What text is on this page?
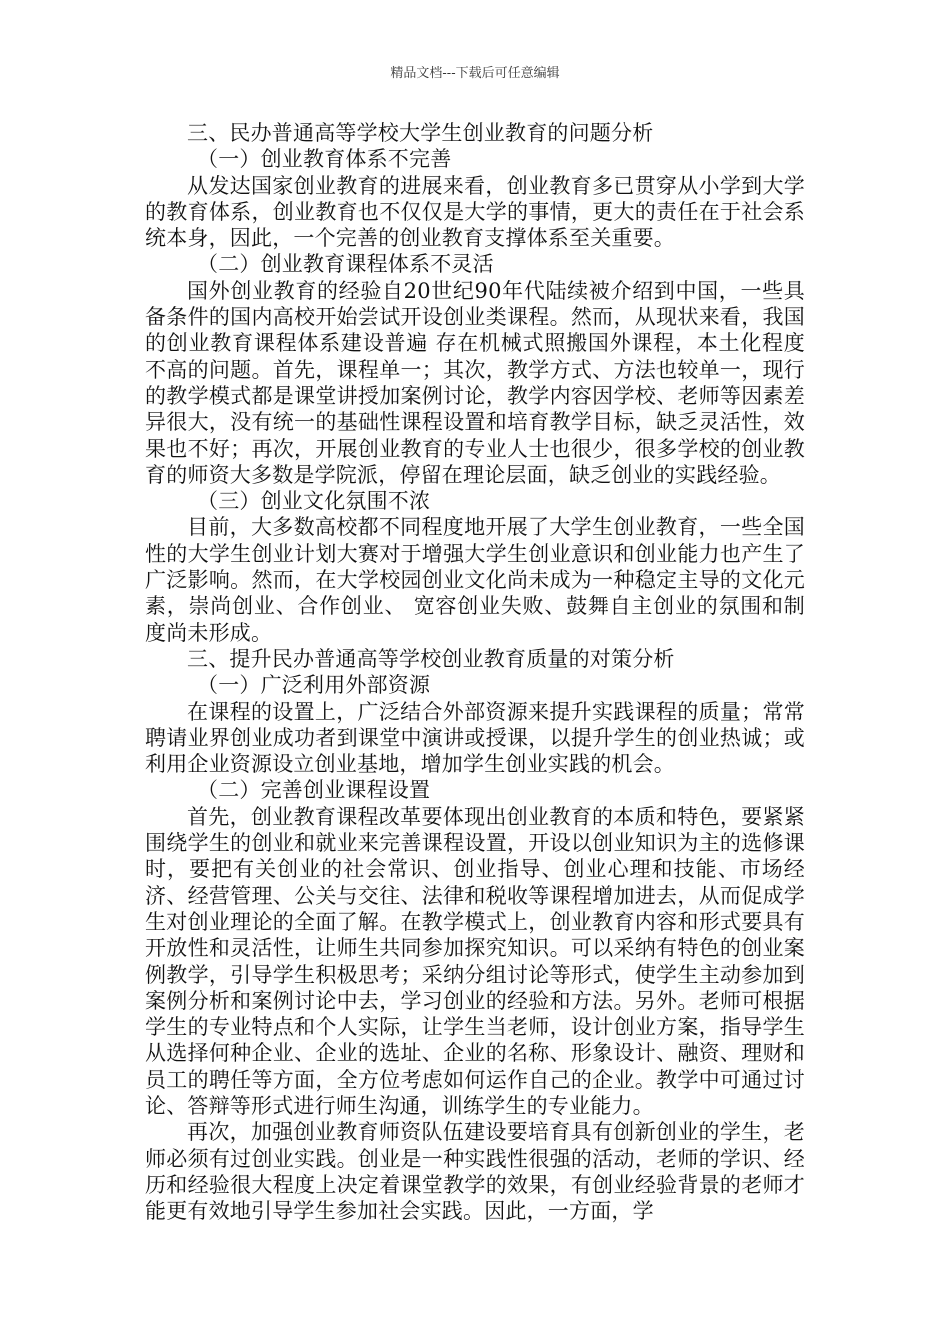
精品文档---下载后可任意编辑

三、民办普通高等学校大学生创业教育的问题分析

（一）创业教育体系不完善

从发达国家创业教育的进展来看，创业教育多已贯穿从小学到大学的教育体系，创业教育也不仅仅是大学的事情，更大的责任在于社会系统本身，因此，一个完善的创业教育支撑体系至关重要。

（二）创业教育课程体系不灵活

国外创业教育的经验自20世纪90年代陆续被介绍到中国，一些具备条件的国内高校开始尝试开设创业类课程。然而，从现状来看，我国的创业教育课程体系建设普遍 存在机械式照搬国外课程，本土化程度不高的问题。首先，课程单一；其次，教学方式、方法也较单一，现行的教学模式都是课堂讲授加案例讨论，教学内容因学校、老师等因素差异很大，没有统一的基础性课程设置和培育教学目标，缺乏灵活性，效果也不好；再次，开展创业教育的专业人士也很少，很多学校的创业教育的师资大多数是学院派，停留在理论层面，缺乏创业的实践经验。

（三）创业文化氛围不浓

目前，大多数高校都不同程度地开展了大学生创业教育，一些全国性的大学生创业计划大赛对于增强大学生创业意识和创业能力也产生了广泛影响。然而，在大学校园创业文化尚未成为一种稳定主导的文化元素，崇尚创业、合作创业、 宽容创业失败、鼓舞自主创业的氛围和制度尚未形成。

三、提升民办普通高等学校创业教育质量的对策分析

（一）广泛利用外部资源

在课程的设置上，广泛结合外部资源来提升实践课程的质量；常常聘请业界创业成功者到课堂中演讲或授课，以提升学生的创业热诚；或利用企业资源设立创业基地，增加学生创业实践的机会。

（二）完善创业课程设置

首先，创业教育课程改革要体现出创业教育的本质和特色，要紧紧围绕学生的创业和就业来完善课程设置，开设以创业知识为主的选修课时，要把有关创业的社会常识、创业指导、创业心理和技能、市场经济、经营管理、公关与交往、法律和税收等课程增加进去，从而促成学生对创业理论的全面了解。在教学模式上，创业教育内容和形式要具有开放性和灵活性，让师生共同参加探究知识。可以采纳有特色的创业案例教学，引导学生积极思考；采纳分组讨论等形式，使学生主动参加到案例分析和案例讨论中去，学习创业的经验和方法。另外。老师可根据学生的专业特点和个人实际，让学生当老师，设计创业方案，指导学生从选择何种企业、企业的选址、企业的名称、形象设计、融资、理财和员工的聘任等方面，全方位考虑如何运作自己的企业。教学中可通过讨论、答辩等形式进行师生沟通，训练学生的专业能力。

再次，加强创业教育师资队伍建设要培育具有创新创业的学生，老师必须有过创业实践。创业是一种实践性很强的活动，老师的学识、经历和经验很大程度上决定着课堂教学的效果，有创业经验背景的老师才能更有效地引导学生参加社会实践。因此，一方面，学
